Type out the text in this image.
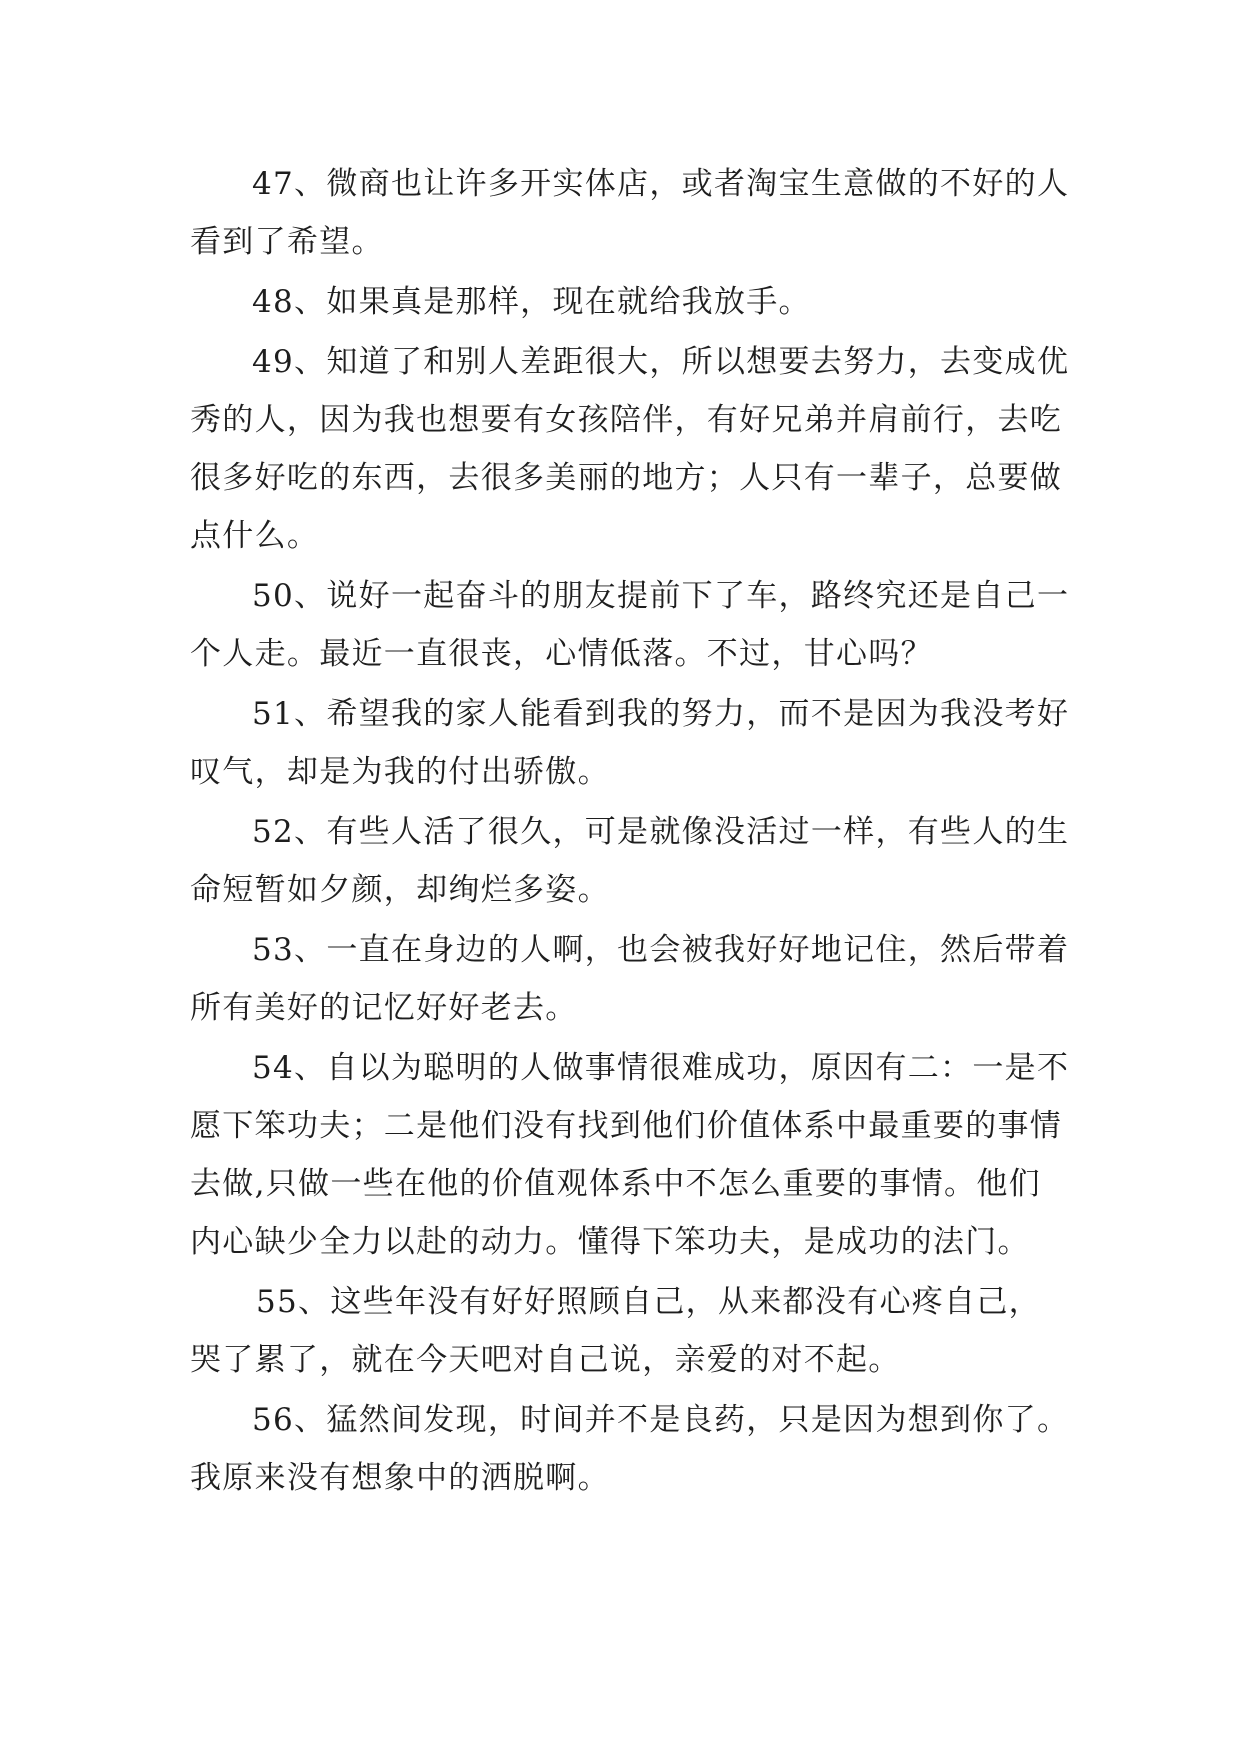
47、微商也让许多开实体店，或者淘宝生意做的不好的人看到了希望。

48、如果真是那样，现在就给我放手。

49、知道了和别人差距很大，所以想要去努力，去变成优秀的人，因为我也想要有女孩陪伴，有好兄弟并肩前行，去吃很多好吃的东西，去很多美丽的地方；人只有一辈子，总要做点什么。

50、说好一起奋斗的朋友提前下了车，路终究还是自己一个人走。最近一直很丧，心情低落。不过，甘心吗？

51、希望我的家人能看到我的努力，而不是因为我没考好叹气，却是为我的付出骄傲。

52、有些人活了很久，可是就像没活过一样，有些人的生命短暂如夕颜，却绚烂多姿。

53、一直在身边的人啊，也会被我好好地记住，然后带着所有美好的记忆好好老去。

54、自以为聪明的人做事情很难成功，原因有二：一是不愿下笨功夫；二是他们没有找到他们价值体系中最重要的事情去做,只做一些在他的价值观体系中不怎么重要的事情。他们内心缺少全力以赴的动力。懂得下笨功夫，是成功的法门。

55、这些年没有好好照顾自己，从来都没有心疼自己，哭了累了，就在今天吧对自己说，亲爱的对不起。

56、猛然间发现，时间并不是良药，只是因为想到你了。我原来没有想象中的洒脱啊。
